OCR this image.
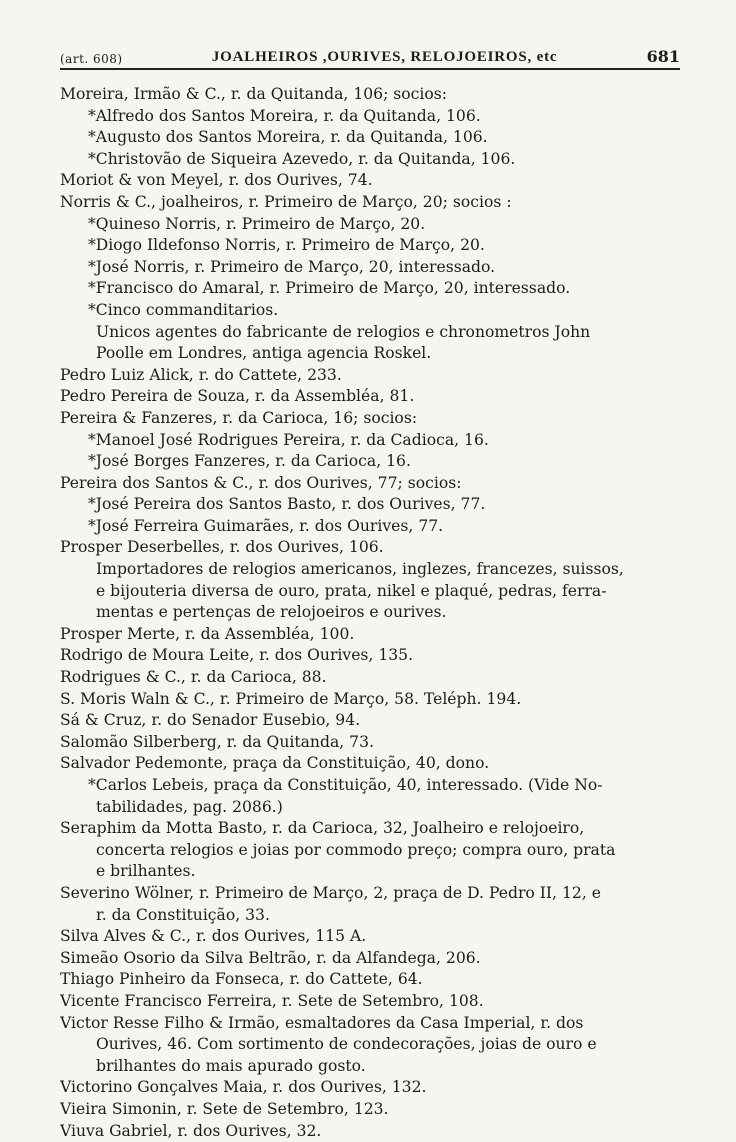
(art. 608)	JOALHEIROS ,OURIVES, RELOJOEIROS, etc	681
Moreira, Irmão & C., r. da Quitanda, 106; socios:
*Alfredo dos Santos Moreira, r. da Quitanda, 106.
*Augusto dos Santos Moreira, r. da Quitanda, 106.
*Christovão de Siqueira Azevedo, r. da Quitanda, 106.
Moriot & von Meyel, r. dos Ourives, 74.
Norris & C., joalheiros, r. Primeiro de Março, 20; socios :
*Quineso Norris, r. Primeiro de Março, 20.
*Diogo Ildefonso Norris, r. Primeiro de Março, 20.
*José Norris, r. Primeiro de Março, 20, interessado.
*Francisco do Amaral, r. Primeiro de Março, 20, interessado.
*Cinco commanditarios.
Unicos agentes do fabricante de relogios e chronometros John
Poolle em Londres, antiga agencia Roskel.
Pedro Luiz Alick, r. do Cattete, 233.
Pedro Pereira de Souza, r. da Assembléa, 81.
Pereira & Fanzeres, r. da Carioca, 16; socios:
*Manoel José Rodrigues Pereira, r. da Cadioca, 16.
*José Borges Fanzeres, r. da Carioca, 16.
Pereira dos Santos & C., r. dos Ourives, 77; socios:
*José Pereira dos Santos Basto, r. dos Ourives, 77.
*José Ferreira Guimarães, r. dos Ourives, 77.
Prosper Deserbelles, r. dos Ourives, 106.
Importadores de relogios americanos, inglezes, francezes, suissos,
e bijouteria diversa de ouro, prata, nikel e plaqué, pedras, ferra-
mentas e pertenças de relojoeiros e ourives.
Prosper Merte, r. da Assembléa, 100.
Rodrigo de Moura Leite, r. dos Ourives, 135.
Rodrigues & C., r. da Carioca, 88.
S. Moris Waln & C., r. Primeiro de Março, 58. Teléph. 194.
Sá & Cruz, r. do Senador Eusebio, 94.
Salomão Silberberg, r. da Quitanda, 73.
Salvador Pedemonte, praça da Constituição, 40, dono.
*Carlos Lebeis, praça da Constituição, 40, interessado. (Vide No-
tabilidades, pag. 2086.)
Seraphim da Motta Basto, r. da Carioca, 32, Joalheiro e relojoeiro,
concerta relogios e joias por commodo preço; compra ouro, prata
e brilhantes.
Severino Wölner, r. Primeiro de Março, 2, praça de D. Pedro II, 12, e
r. da Constituição, 33.
Silva Alves & C., r. dos Ourives, 115 A.
Simeão Osorio da Silva Beltrão, r. da Alfandega, 206.
Thiago Pinheiro da Fonseca, r. do Cattete, 64.
Vicente Francisco Ferreira, r. Sete de Setembro, 108.
Victor Resse Filho & Irmão, esmaltadores da Casa Imperial, r. dos
Ourives, 46. Com sortimento de condecorações, joias de ouro e
brilhantes do mais apurado gosto.
Victorino Gonçalves Maia, r. dos Ourives, 132.
Vieira Simonin, r. Sete de Setembro, 123.
Viuva Gabriel, r. dos Ourives, 32.
